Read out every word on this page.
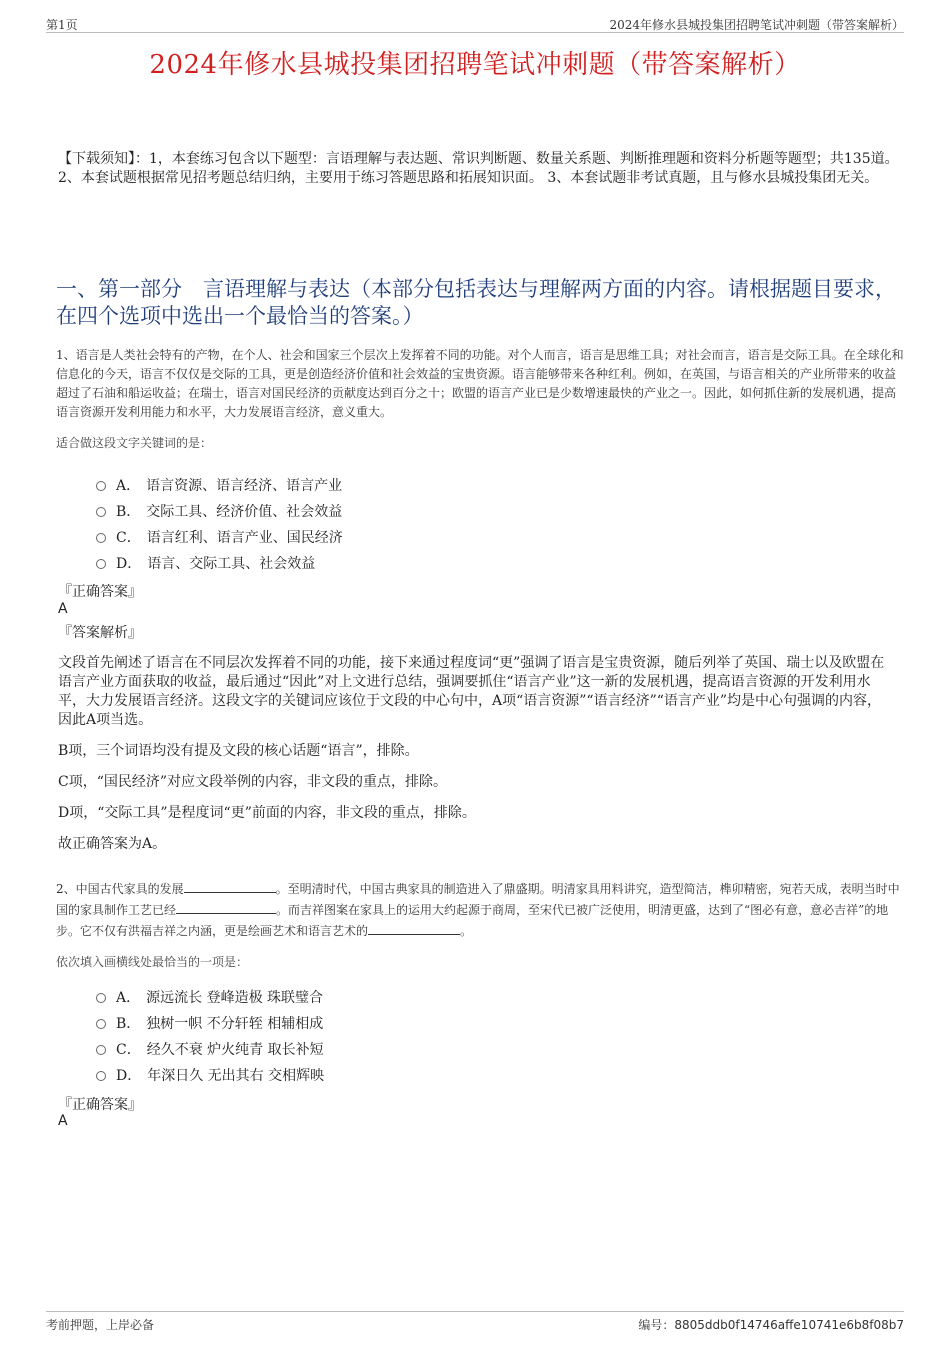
第1页	2024年修水县城投集团招聘笔试冲刺题（带答案解析）
2024年修水县城投集团招聘笔试冲刺题（带答案解析）
【下载须知】：1，本套练习包含以下题型：言语理解与表达题、常识判断题、数量关系题、判断推理题和资料分析题等题型；共135道。 2、本套试题根据常见招考题总结归纳，主要用于练习答题思路和拓展知识面。 3、本套试题非考试真题，且与修水县城投集团无关。
一、第一部分　言语理解与表达（本部分包括表达与理解两方面的内容。请根据题目要求，在四个选项中选出一个最恰当的答案。）
1、语言是人类社会特有的产物，在个人、社会和国家三个层次上发挥着不同的功能。对个人而言，语言是思维工具；对社会而言，语言是交际工具。在全球化和信息化的今天，语言不仅仅是交际的工具，更是创造经济价值和社会效益的宝贵资源。语言能够带来各种红利。例如，在英国，与语言相关的产业所带来的收益超过了石油和船运收益；在瑞士，语言对国民经济的贡献度达到百分之十；欧盟的语言产业已是少数增速最快的产业之一。因此，如何抓住新的发展机遇，提高语言资源开发利用能力和水平，大力发展语言经济，意义重大。
适合做这段文字关键词的是：
A． 语言资源、语言经济、语言产业
B． 交际工具、经济价值、社会效益
C． 语言红利、语言产业、国民经济
D． 语言、交际工具、社会效益
『正确答案』
A
『答案解析』

文段首先阐述了语言在不同层次发挥着不同的功能，接下来通过程度词“更”强调了语言是宝贵资源，随后列举了英国、瑞士以及欧盟在语言产业方面获取的收益，最后通过“因此”对上文进行总结，强调要抓住“语言产业”这一新的发展机遇，提高语言资源的开发利用水平，大力发展语言经济。这段文字的关键词应该位于文段的中心句中，A项“语言资源”“语言经济”“语言产业”均是中心句强调的内容，因此A项当选。

B项，三个词语均没有提及文段的核心话题“语言”，排除。

C项，“国民经济”对应文段举例的内容，非文段的重点，排除。

D项，“交际工具”是程度词“更”前面的内容，非文段的重点，排除。

故正确答案为A。

2、中国古代家具的发展	。至明清时代，中国古典家具的制造进入了鼎盛期。明清家具用料讲究，造型简洁，榫卯精密，宛若天成，表明当时中国的家具制作工艺已经	。而吉祥图案在家具上的运用大约起源于商周，至宋代已被广泛使用，明清更盛，达到了“图必有意，意必吉祥”的地步。它不仅有洪福吉祥之内涵，更是绘画艺术和语言艺术的	。
依次填入画横线处最恰当的一项是：
A． 源远流长 登峰造极 珠联璧合
B． 独树一帜 不分轩轾 相辅相成
C． 经久不衰 炉火纯青 取长补短
D． 年深日久 无出其右 交相辉映
『正确答案』
A
考前押题，上岸必备	编号：8805ddb0f14746affe10741e6b8f08b7
